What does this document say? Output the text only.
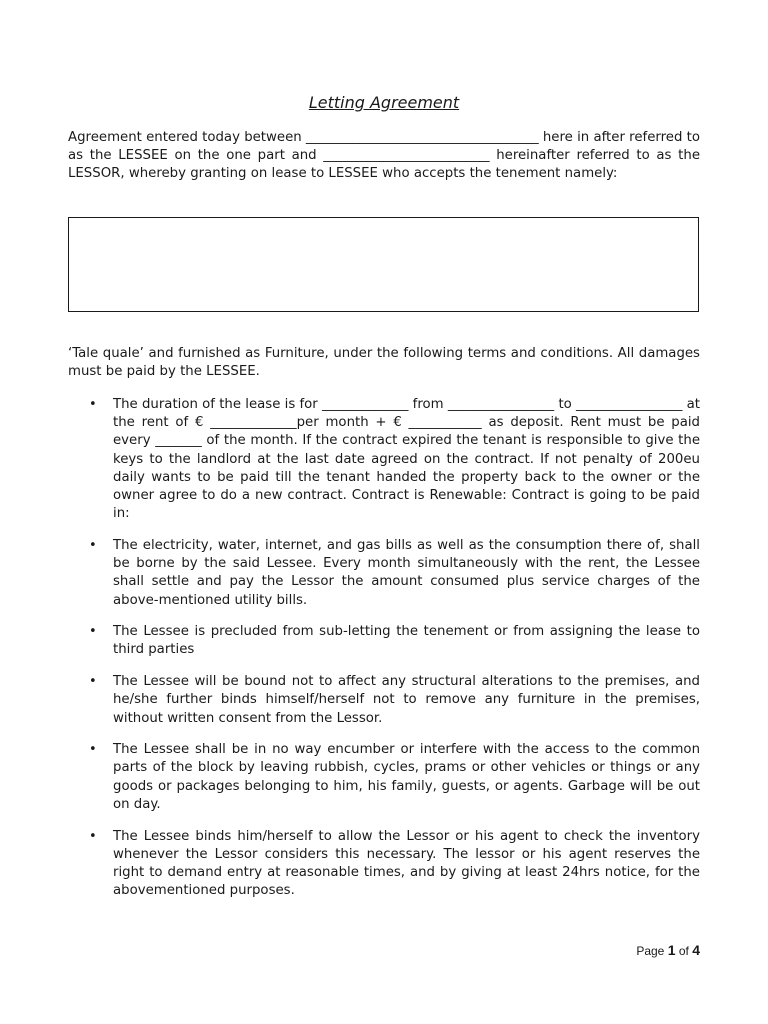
Letting Agreement
Agreement entered today between ___________________________________ here in after referred to as the LESSEE on the one part and _________________________ hereinafter referred to as the LESSOR, whereby granting on lease to LESSEE who accepts the tenement namely:
‘Tale quale’ and furnished as Furniture, under the following terms and conditions. All damages must be paid by the LESSEE.
• The duration of the lease is for _____________ from ________________ to ________________ at the rent of € _____________per month + € ___________ as deposit. Rent must be paid every _______ of the month. If the contract expired the tenant is responsible to give the keys to the landlord at the last date agreed on the contract. If not penalty of 200eu daily wants to be paid till the tenant handed the property back to the owner or the owner agree to do a new contract. Contract is Renewable: Contract is going to be paid in:
• The electricity, water, internet, and gas bills as well as the consumption there of, shall be borne by the said Lessee. Every month simultaneously with the rent, the Lessee shall settle and pay the Lessor the amount consumed plus service charges of the above-mentioned utility bills.
• The Lessee is precluded from sub-letting the tenement or from assigning the lease to third parties
• The Lessee will be bound not to affect any structural alterations to the premises, and he/she further binds himself/herself not to remove any furniture in the premises, without written consent from the Lessor.
• The Lessee shall be in no way encumber or interfere with the access to the common parts of the block by leaving rubbish, cycles, prams or other vehicles or things or any goods or packages belonging to him, his family, guests, or agents. Garbage will be out on day.
• The Lessee binds him/herself to allow the Lessor or his agent to check the inventory whenever the Lessor considers this necessary. The lessor or his agent reserves the right to demand entry at reasonable times, and by giving at least 24hrs notice, for the abovementioned purposes.
Page 1 of 4
